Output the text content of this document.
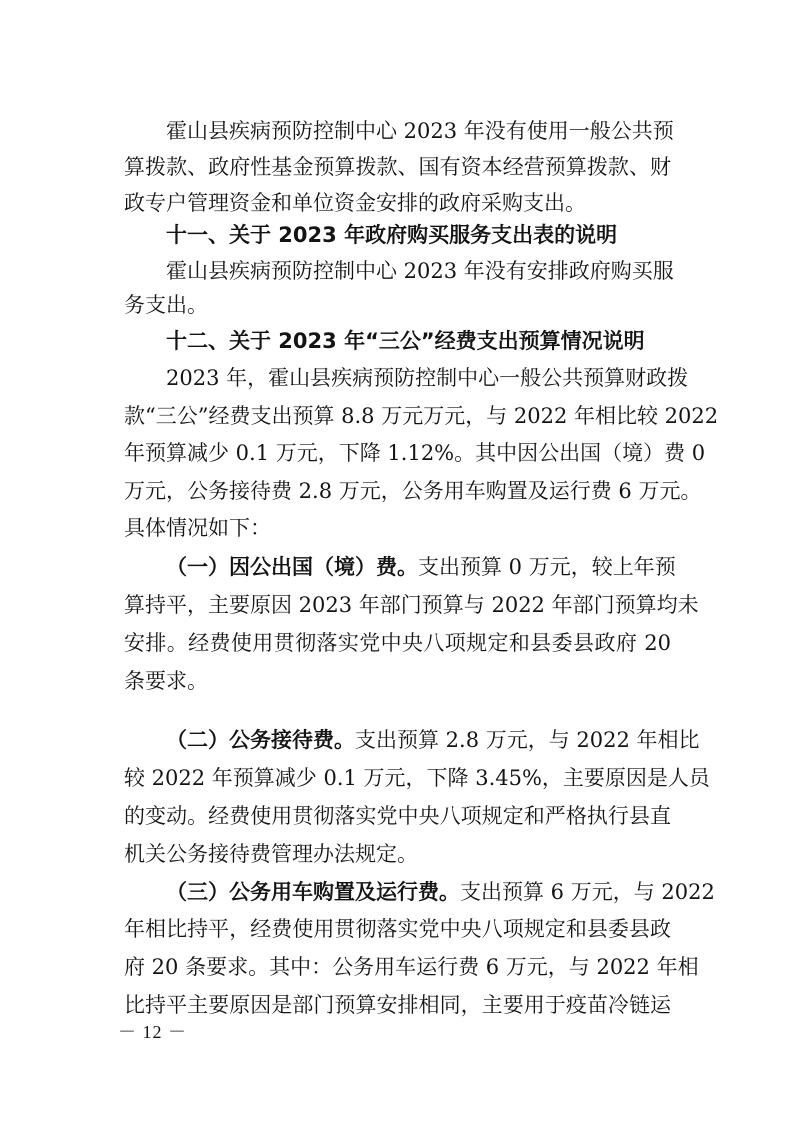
霍山县疾病预防控制中心 2023 年没有使用一般公共预
算拨款、政府性基金预算拨款、国有资本经营预算拨款、财
政专户管理资金和单位资金安排的政府采购支出。
十一、关于 2023 年政府购买服务支出表的说明
霍山县疾病预防控制中心 2023 年没有安排政府购买服
务支出。
十二、关于 2023 年“三公”经费支出预算情况说明
2023 年，霍山县疾病预防控制中心一般公共预算财政拨
款“三公”经费支出预算 8.8 万元万元，与 2022 年相比较 2022
年预算减少 0.1 万元，下降 1.12%。其中因公出国（境）费 0
万元，公务接待费 2.8 万元，公务用车购置及运行费 6 万元。
具体情况如下：
（一）因公出国（境）费。支出预算 0 万元，较上年预
算持平，主要原因 2023 年部门预算与 2022 年部门预算均未
安排。经费使用贯彻落实党中央八项规定和县委县政府 20
条要求。
（二）公务接待费。支出预算 2.8 万元，与 2022 年相比
较 2022 年预算减少 0.1 万元，下降 3.45%，主要原因是人员
的变动。经费使用贯彻落实党中央八项规定和严格执行县直
机关公务接待费管理办法规定。
（三）公务用车购置及运行费。支出预算 6 万元，与 2022
年相比持平，经费使用贯彻落实党中央八项规定和县委县政
府 20 条要求。其中：公务用车运行费 6 万元，与 2022 年相
比持平主要原因是部门预算安排相同，主要用于疫苗冷链运
－ 12 －
